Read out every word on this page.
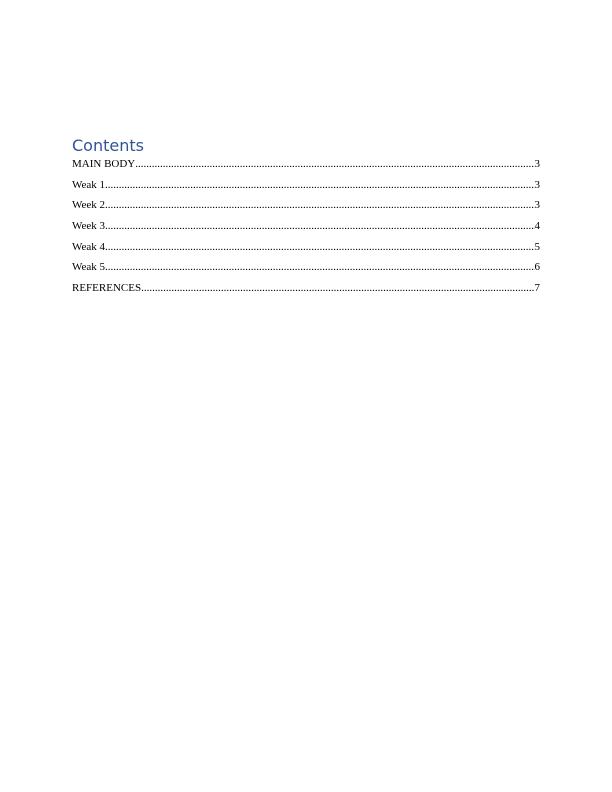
Contents
MAIN BODY .....	3
Weak 1 .....	3
Week 2 .....	3
Week 3 .....	4
Weak 4 .....	5
Weak 5 .....	6
REFERENCES .....	7
